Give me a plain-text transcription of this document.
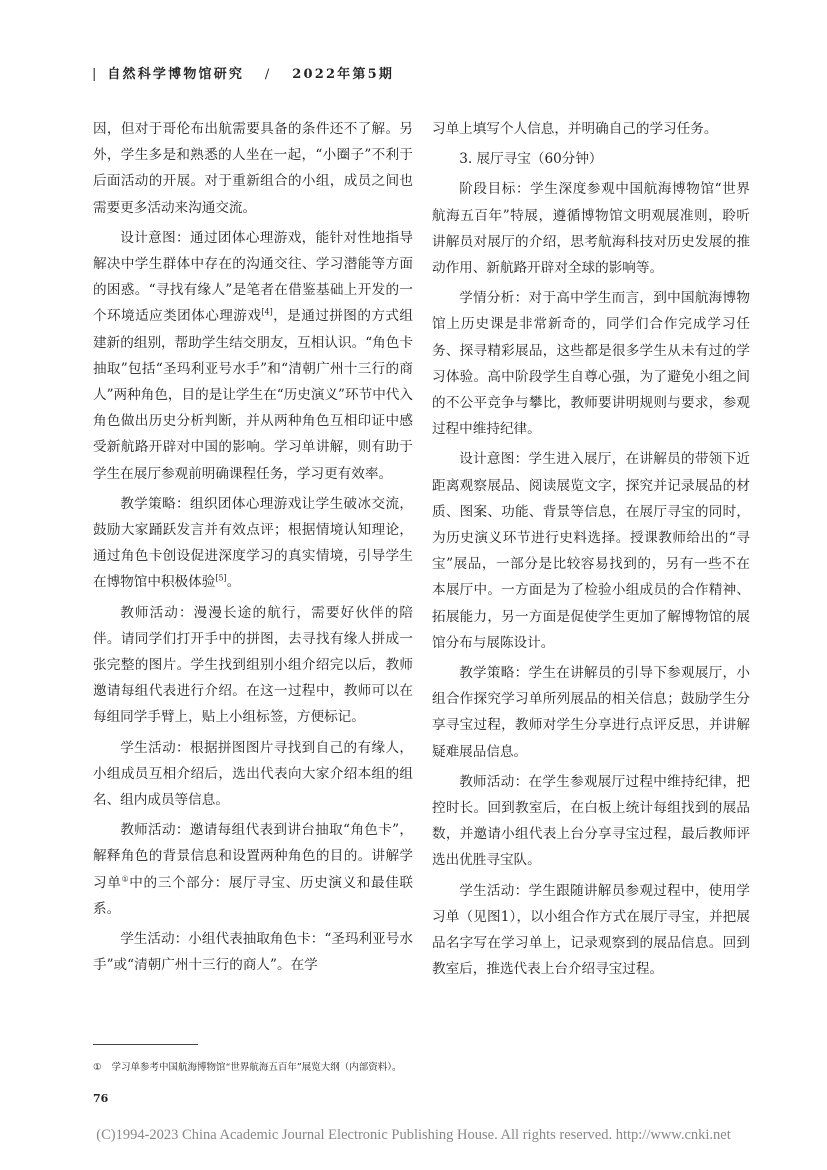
| 自然科学博物馆研究 / 2022年第5期

因，但对于哥伦布出航需要具备的条件还不了解。另外，学生多是和熟悉的人坐在一起，“小圈子”不利于后面活动的开展。对于重新组合的小组，成员之间也需要更多活动来沟通交流。

设计意图：通过团体心理游戏，能针对性地指导解决中学生群体中存在的沟通交往、学习潜能等方面的困惑。“寻找有缘人”是笔者在借鉴基础上开发的一个环境适应类团体心理游戏[4]，是通过拼图的方式组建新的组别，帮助学生结交朋友，互相认识。“角色卡抽取”包括“圣玛利亚号水手”和“清朝广州十三行的商人”两种角色，目的是让学生在“历史演义”环节中代入角色做出历史分析判断，并从两种角色互相印证中感受新航路开辟对中国的影响。学习单讲解，则有助于学生在展厅参观前明确课程任务，学习更有效率。

教学策略：组织团体心理游戏让学生破冰交流，鼓励大家踊跃发言并有效点评；根据情境认知理论，通过角色卡创设促进深度学习的真实情境，引导学生在博物馆中积极体验[5]。

教师活动：漫漫长途的航行，需要好伙伴的陪伴。请同学们打开手中的拼图，去寻找有缘人拼成一张完整的图片。学生找到组别小组介绍完以后，教师邀请每组代表进行介绍。在这一过程中，教师可以在每组同学手臂上，贴上小组标签，方便标记。

学生活动：根据拼图图片寻找到自己的有缘人，小组成员互相介绍后，选出代表向大家介绍本组的组名、组内成员等信息。

教师活动：邀请每组代表到讲台抽取“角色卡”，解释角色的背景信息和设置两种角色的目的。讲解学习单①中的三个部分：展厅寻宝、历史演义和最佳联系。

学生活动：小组代表抽取角色卡：“圣玛利亚号水手”或“清朝广州十三行的商人”。在学

习单上填写个人信息，并明确自己的学习任务。

3. 展厅寻宝（60分钟）

阶段目标：学生深度参观中国航海博物馆“世界航海五百年”特展，遵循博物馆文明观展准则，聆听讲解员对展厅的介绍，思考航海科技对历史发展的推动作用、新航路开辟对全球的影响等。

学情分析：对于高中学生而言，到中国航海博物馆上历史课是非常新奇的，同学们合作完成学习任务、探寻精彩展品，这些都是很多学生从未有过的学习体验。高中阶段学生自尊心强，为了避免小组之间的不公平竞争与攀比，教师要讲明规则与要求，参观过程中维持纪律。

设计意图：学生进入展厅，在讲解员的带领下近距离观察展品、阅读展览文字，探究并记录展品的材质、图案、功能、背景等信息，在展厅寻宝的同时，为历史演义环节进行史料选择。授课教师给出的“寻宝”展品，一部分是比较容易找到的，另有一些不在本展厅中。一方面是为了检验小组成员的合作精神、拓展能力，另一方面是促使学生更加了解博物馆的展馆分布与展陈设计。

教学策略：学生在讲解员的引导下参观展厅，小组合作探究学习单所列展品的相关信息；鼓励学生分享寻宝过程，教师对学生分享进行点评反思，并讲解疑难展品信息。

教师活动：在学生参观展厅过程中维持纪律，把控时长。回到教室后，在白板上统计每组找到的展品数，并邀请小组代表上台分享寻宝过程，最后教师评选出优胜寻宝队。

学生活动：学生跟随讲解员参观过程中，使用学习单（见图1），以小组合作方式在展厅寻宝，并把展品名字写在学习单上，记录观察到的展品信息。回到教室后，推选代表上台介绍寻宝过程。

① 学习单参考中国航海博物馆“世界航海五百年”展览大纲（内部资料）。
76
(C)1994-2023 China Academic Journal Electronic Publishing House. All rights reserved. http://www.cnki.net
